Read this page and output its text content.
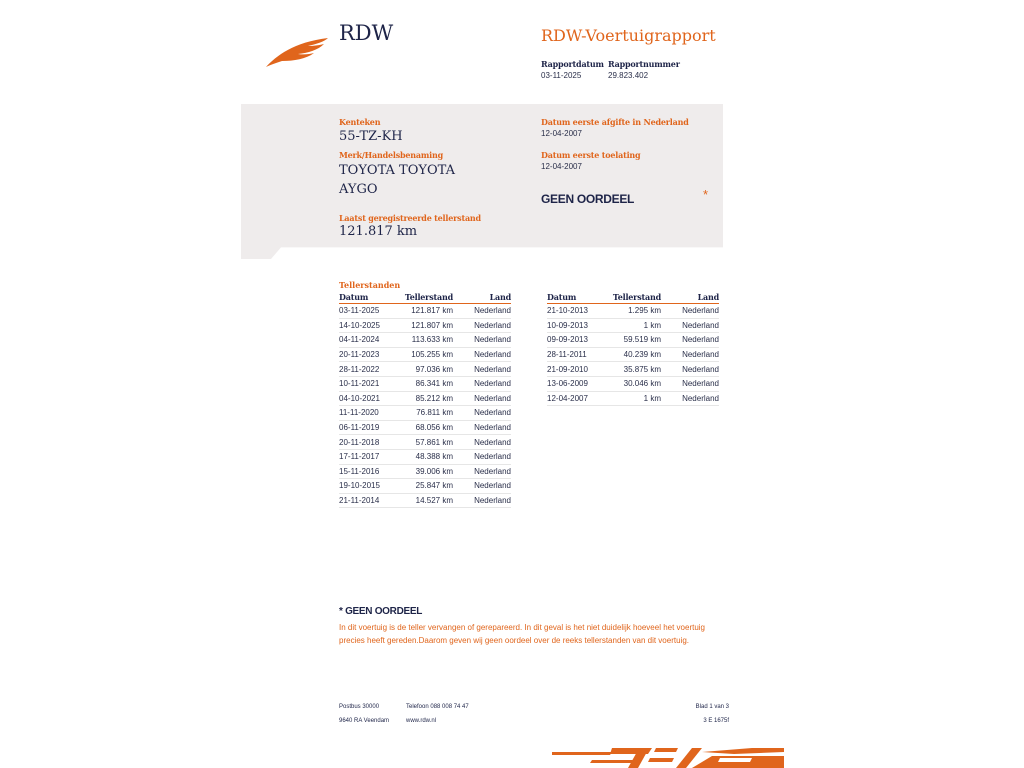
RDW	RDW-Voertuigrapport
Rapportdatum Rapportnummer
03-11-2025	29.823.402
Kenteken
55-TZ-KH
Merk/Handelsbenaming
TOYOTA TOYOTA
AYGO
Laatst geregistreerde tellerstand
121.817 km
Datum eerste afgifte in Nederland
12-04-2007
Datum eerste toelating
12-04-2007
GEEN OORDEEL	*
Tellerstanden
Datum	Tellerstand	Land
03-11-2025	121.817 km	Nederland
14-10-2025	121.807 km	Nederland
04-11-2024	113.633 km	Nederland
20-11-2023	105.255 km	Nederland
28-11-2022	97.036 km	Nederland
10-11-2021	86.341 km	Nederland
04-10-2021	85.212 km	Nederland
11-11-2020	76.811 km	Nederland
06-11-2019	68.056 km	Nederland
20-11-2018	57.861 km	Nederland
17-11-2017	48.388 km	Nederland
15-11-2016	39.006 km	Nederland
19-10-2015	25.847 km	Nederland
21-11-2014	14.527 km	Nederland
Datum	Tellerstand	Land
21-10-2013	1.295 km	Nederland
10-09-2013	1 km	Nederland
09-09-2013	59.519 km	Nederland
28-11-2011	40.239 km	Nederland
21-09-2010	35.875 km	Nederland
13-06-2009	30.046 km	Nederland
12-04-2007	1 km	Nederland
* GEEN OORDEEL
In dit voertuig is de teller vervangen of gerepareerd. In dit geval is het niet duidelijk hoeveel het voertuig precies heeft gereden.Daarom geven wij geen oordeel over de reeks tellerstanden van dit voertuig.
Postbus 30000
9640 RA Veendam
Telefoon 088 008 74 47
www.rdw.nl
Blad 1 van 3
3 E 1675f
